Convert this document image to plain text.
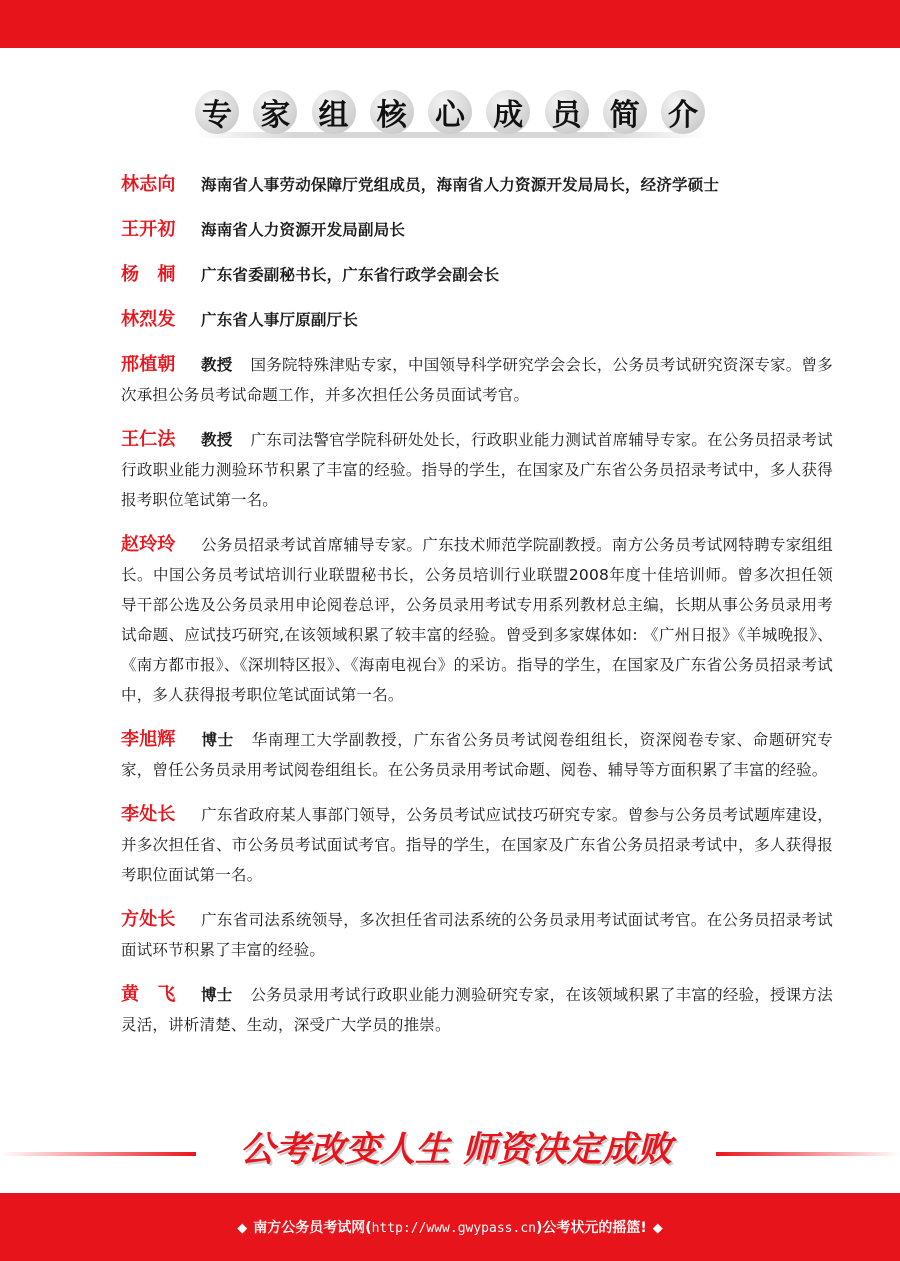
专 家 组 核 心 成 员 简 介

林志向 海南省人事劳动保障厅党组成员，海南省人力资源开发局局长，经济学硕士

王开初 海南省人力资源开发局副局长

杨　桐 广东省委副秘书长，广东省行政学会副会长

林烈发 广东省人事厅原副厅长

邢植朝 教授 国务院特殊津贴专家，中国领导科学研究学会会长，公务员考试研究资深专家。曾多次承担公务员考试命题工作，并多次担任公务员面试考官。

王仁法 教授 广东司法警官学院科研处处长，行政职业能力测试首席辅导专家。在公务员招录考试行政职业能力测验环节积累了丰富的经验。指导的学生，在国家及广东省公务员招录考试中，多人获得报考职位笔试第一名。

赵玲玲 公务员招录考试首席辅导专家。广东技术师范学院副教授。南方公务员考试网特聘专家组组长。中国公务员考试培训行业联盟秘书长，公务员培训行业联盟2008年度十佳培训师。曾多次担任领导干部公选及公务员录用申论阅卷总评，公务员录用考试专用系列教材总主编，长期从事公务员录用考试命题、应试技巧研究,在该领域积累了较丰富的经验。曾受到多家媒体如: 《广州日报》《羊城晚报》、《南方都市报》、《深圳特区报》、《海南电视台》的采访。指导的学生，在国家及广东省公务员招录考试中，多人获得报考职位笔试面试第一名。

李旭辉 博士 华南理工大学副教授，广东省公务员考试阅卷组组长，资深阅卷专家、命题研究专家，曾任公务员录用考试阅卷组组长。在公务员录用考试命题、阅卷、辅导等方面积累了丰富的经验。

李处长 广东省政府某人事部门领导，公务员考试应试技巧研究专家。曾参与公务员考试题库建设，并多次担任省、市公务员考试面试考官。指导的学生，在国家及广东省公务员招录考试中，多人获得报考职位面试第一名。

方处长 广东省司法系统领导，多次担任省司法系统的公务员录用考试面试考官。在公务员招录考试面试环节积累了丰富的经验。

黄　飞 博士 公务员录用考试行政职业能力测验研究专家，在该领域积累了丰富的经验，授课方法灵活，讲析清楚、生动，深受广大学员的推崇。

公考改变人生 师资决定成败
◆ 南方公务员考试网(http://www.gwypass.cn)公考状元的摇篮! ◆
